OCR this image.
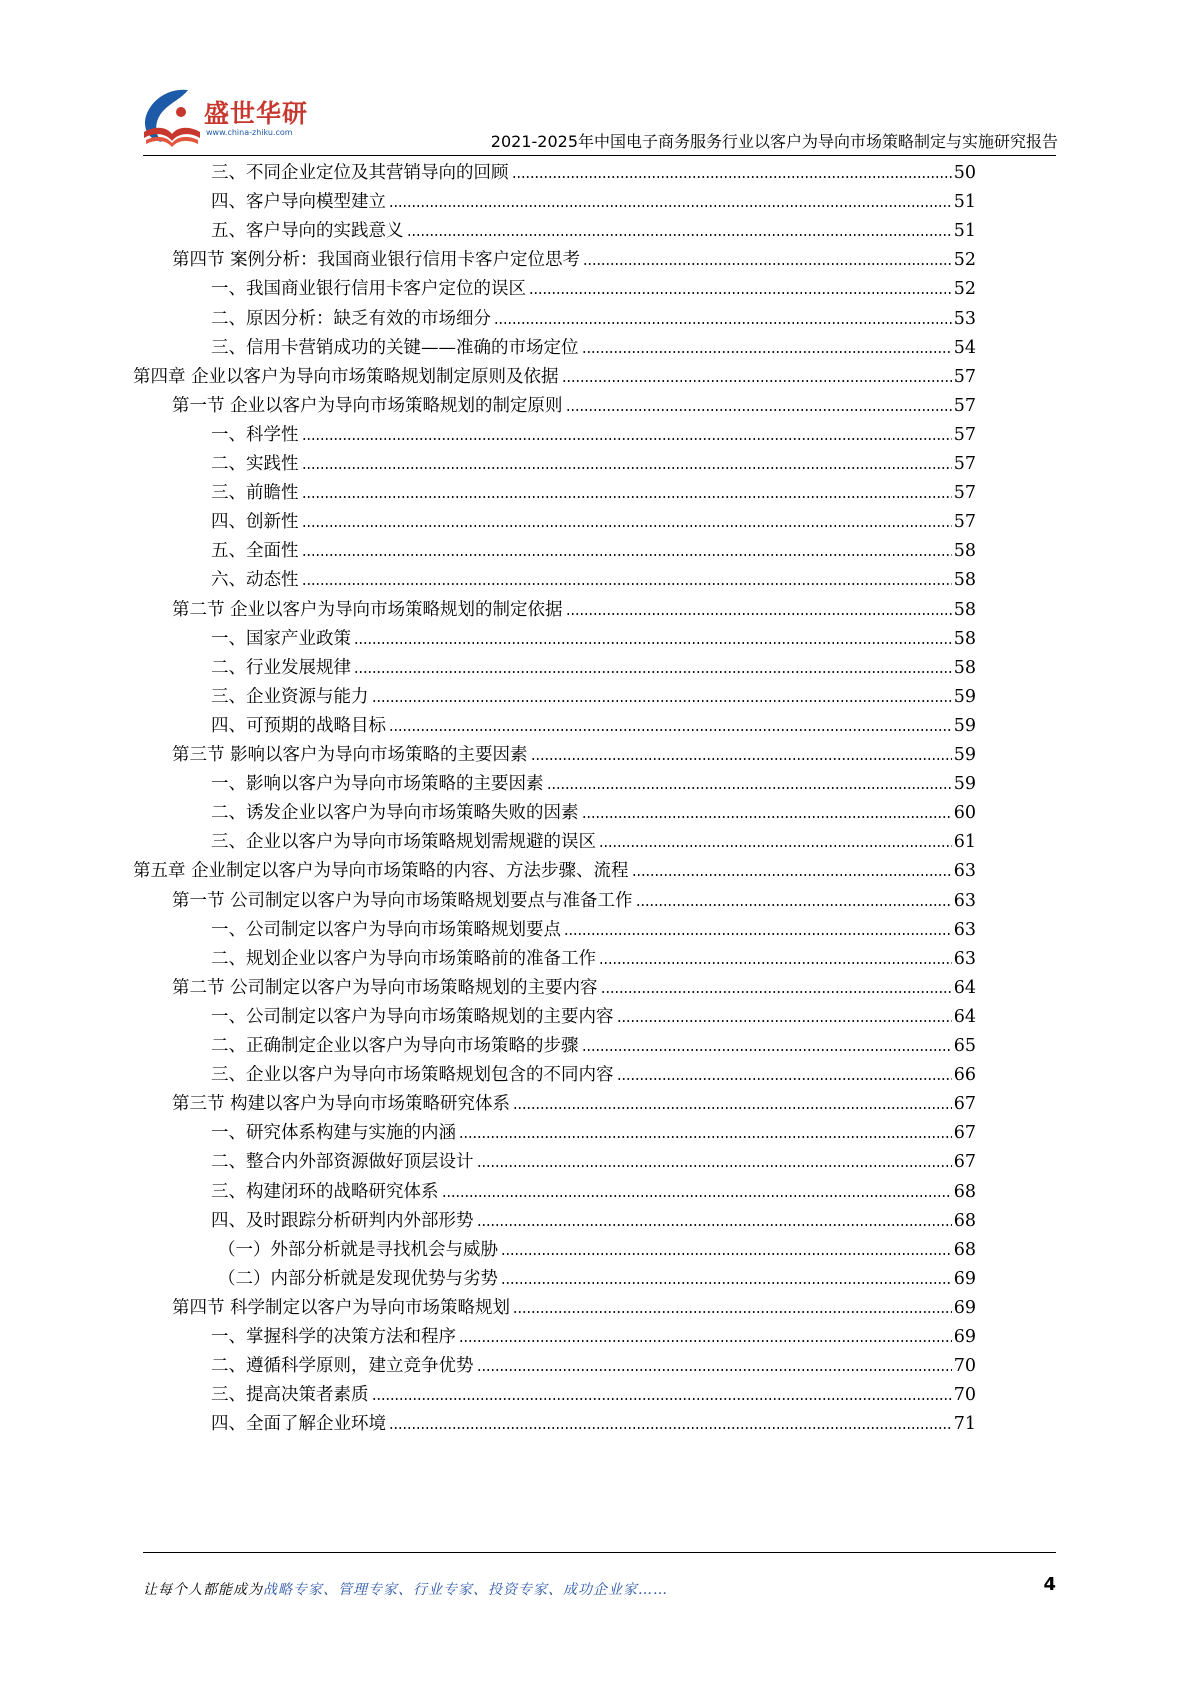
盛世华研
www.china-zhiku.com	2021-2025年中国电子商务服务行业以客户为导向市场策略制定与实施研究报告
三、不同企业定位及其营销导向的回顾	50
四、客户导向模型建立	51
五、客户导向的实践意义	51
第四节 案例分析：我国商业银行信用卡客户定位思考	52
一、我国商业银行信用卡客户定位的误区	52
二、原因分析：缺乏有效的市场细分	53
三、信用卡营销成功的关键——准确的市场定位	54
第四章 企业以客户为导向市场策略规划制定原则及依据	57
第一节 企业以客户为导向市场策略规划的制定原则	57
一、科学性	57
二、实践性	57
三、前瞻性	57
四、创新性	57
五、全面性	58
六、动态性	58
第二节 企业以客户为导向市场策略规划的制定依据	58
一、国家产业政策	58
二、行业发展规律	58
三、企业资源与能力	59
四、可预期的战略目标	59
第三节 影响以客户为导向市场策略的主要因素	59
一、影响以客户为导向市场策略的主要因素	59
二、诱发企业以客户为导向市场策略失败的因素	60
三、企业以客户为导向市场策略规划需规避的误区	61
第五章 企业制定以客户为导向市场策略的内容、方法步骤、流程	63
第一节 公司制定以客户为导向市场策略规划要点与准备工作	63
一、公司制定以客户为导向市场策略规划要点	63
二、规划企业以客户为导向市场策略前的准备工作	63
第二节 公司制定以客户为导向市场策略规划的主要内容	64
一、公司制定以客户为导向市场策略规划的主要内容	64
二、正确制定企业以客户为导向市场策略的步骤	65
三、企业以客户为导向市场策略规划包含的不同内容	66
第三节 构建以客户为导向市场策略研究体系	67
一、研究体系构建与实施的内涵	67
二、整合内外部资源做好顶层设计	67
三、构建闭环的战略研究体系	68
四、及时跟踪分析研判内外部形势	68
（一）外部分析就是寻找机会与威胁	68
（二）内部分析就是发现优势与劣势	69
第四节 科学制定以客户为导向市场策略规划	69
一、掌握科学的决策方法和程序	69
二、遵循科学原则，建立竞争优势	70
三、提高决策者素质	70
四、全面了解企业环境	71
让每个人都能成为战略专家、管理专家、行业专家、投资专家、成功企业家……	4
